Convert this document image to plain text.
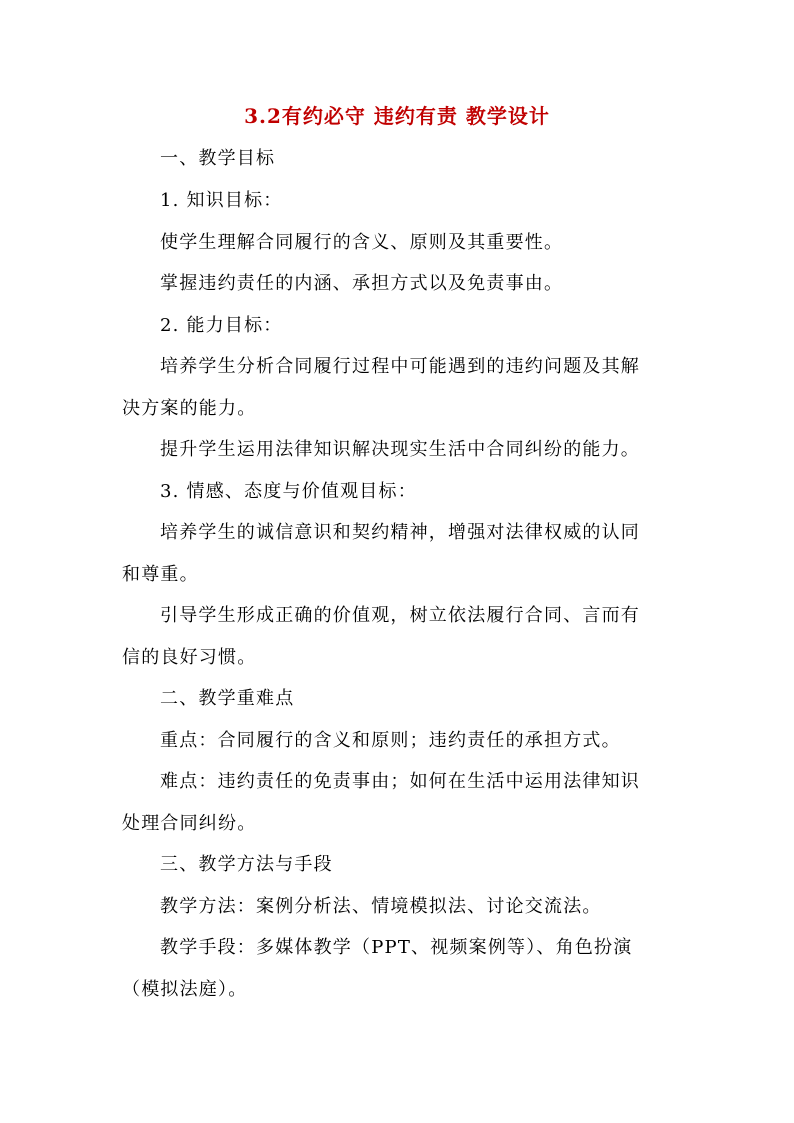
3.2有约必守 违约有责 教学设计
一、教学目标
1. 知识目标：
使学生理解合同履行的含义、原则及其重要性。
掌握违约责任的内涵、承担方式以及免责事由。
2. 能力目标：
培养学生分析合同履行过程中可能遇到的违约问题及其解
决方案的能力。
提升学生运用法律知识解决现实生活中合同纠纷的能力。
3. 情感、态度与价值观目标：
培养学生的诚信意识和契约精神，增强对法律权威的认同
和尊重。
引导学生形成正确的价值观，树立依法履行合同、言而有
信的良好习惯。
二、教学重难点
重点：合同履行的含义和原则；违约责任的承担方式。
难点：违约责任的免责事由；如何在生活中运用法律知识
处理合同纠纷。
三、教学方法与手段
教学方法：案例分析法、情境模拟法、讨论交流法。
教学手段：多媒体教学（PPT、视频案例等）、角色扮演
（模拟法庭）。
